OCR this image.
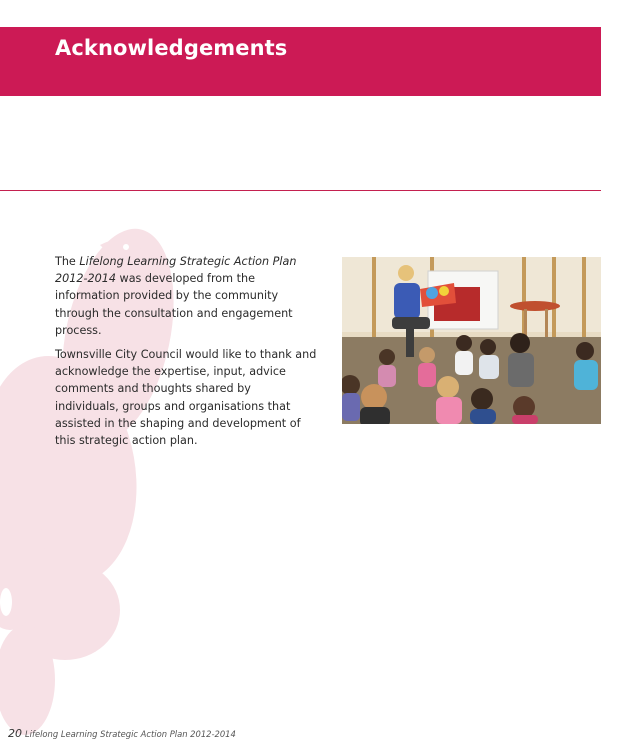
Acknowledgements

The Lifelong Learning Strategic Action Plan 2012-2014 was developed from the information provided by the community through the consultation and engagement process.

Townsville City Council would like to thank and acknowledge the expertise, input, advice comments and thoughts shared by individuals, groups and organisations that assisted in the shaping and development of this strategic action plan.

20 Lifelong Learning Strategic Action Plan 2012-2014
